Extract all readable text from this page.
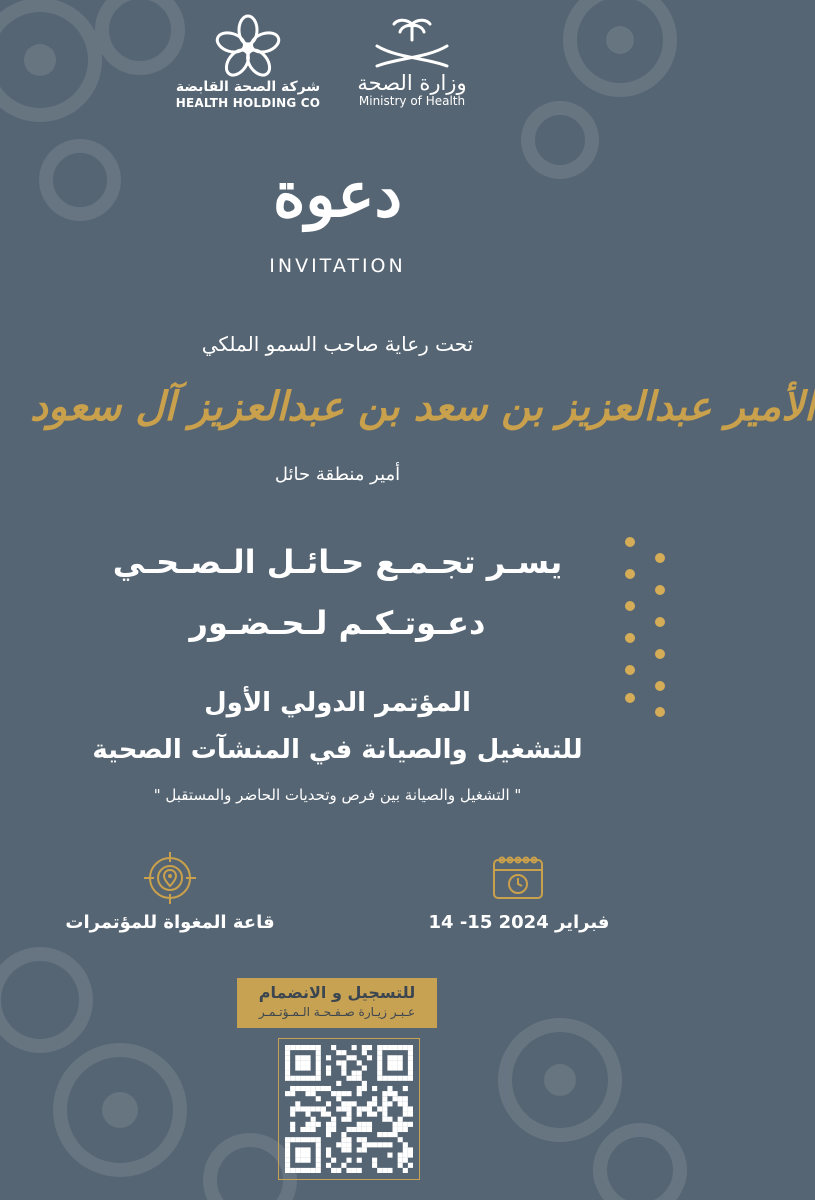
شركة الصحة القابضة
HEALTH HOLDING CO
وزارة الصحة
Ministry of Health
دعوة
INVITATION
تحت رعاية صاحب السمو الملكي
الأمير عبدالعزيز بن سعد بن عبدالعزيز آل سعود
أمير منطقة حائل
يسـر تجـمـع حـائـل الـصـحـي
دعـوتـكـم لـحـضـور
المؤتمر الدولي الأول
للتشغيل والصيانة في المنشآت الصحية
" التشغيل والصيانة بين فرص وتحديات الحاضر والمستقبل "
قاعة المغواة للمؤتمرات	14 -15 فبراير 2024
للتسجيل و الانضمام
عـبـر زيـارة صـفـحـة الـمـؤتـمـر
